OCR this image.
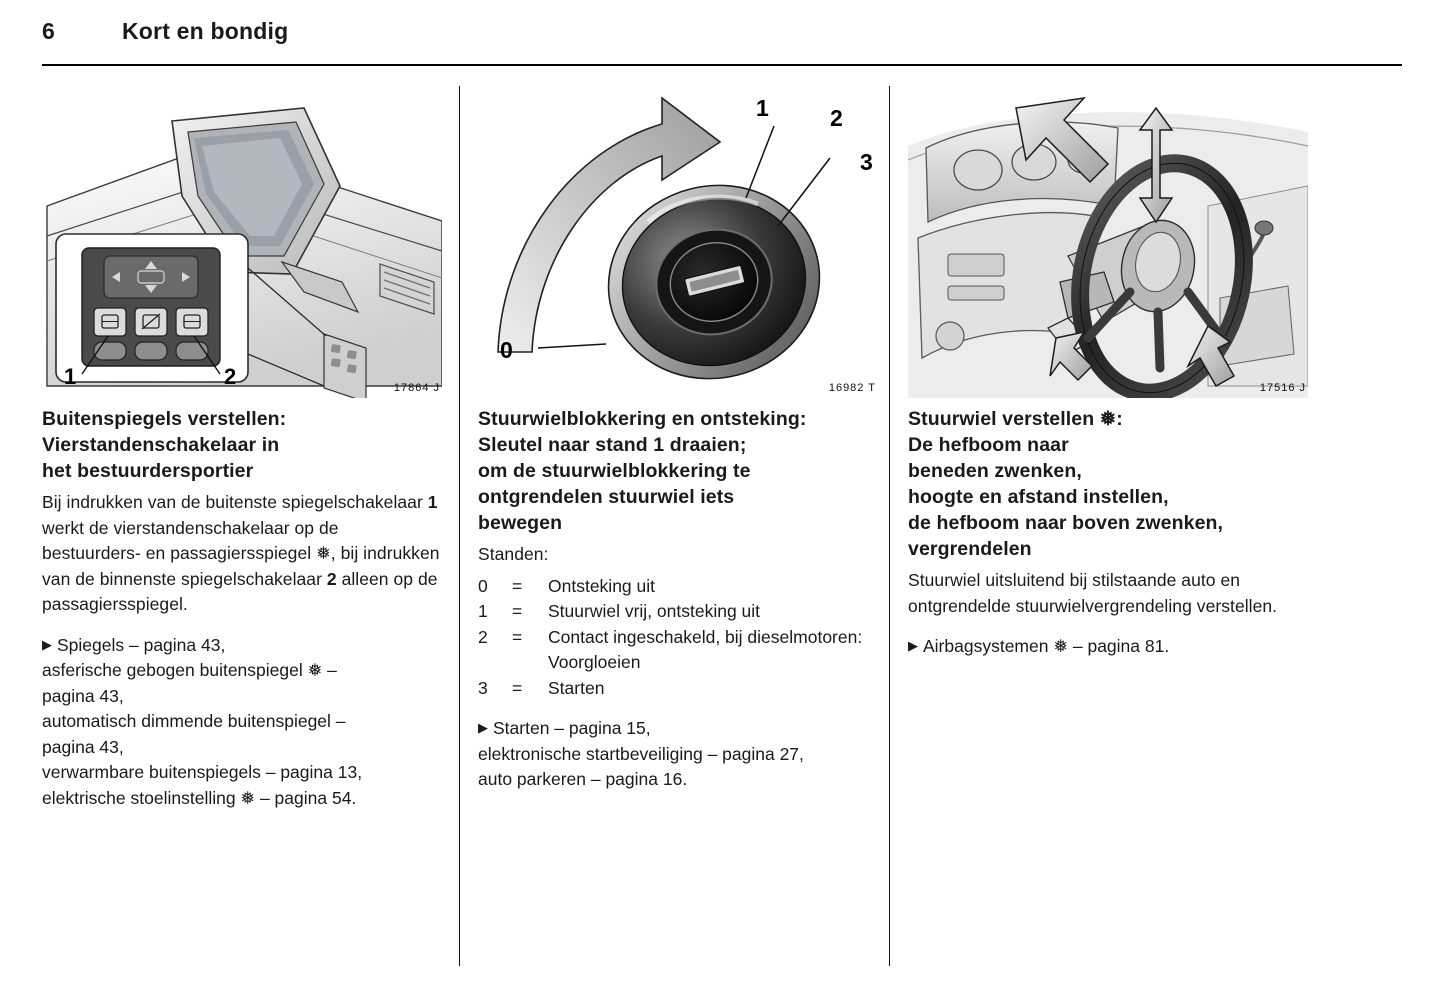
6	Kort en bondig
1	2	17864 J
Buitenspiegels verstellen:
Vierstandenschakelaar in
het bestuurdersportier

Bij indrukken van de buitenste spiegelschakelaar 1 werkt de vierstandenschakelaar op de bestuurders- en passagiersspiegel ❅, bij indrukken van de binnenste spiegelschakelaar 2 alleen op de passagiersspiegel.

▶ Spiegels – pagina 43,
asferische gebogen buitenspiegel ❅ –
pagina 43,
automatisch dimmende buitenspiegel –
pagina 43,
verwarmbare buitenspiegels – pagina 13,
elektrische stoelinstelling ❅ – pagina 54.
1	2
3
0
16982 T
Stuurwielblokkering en ontsteking:
Sleutel naar stand 1 draaien;
om de stuurwielblokkering te
ontgrendelen stuurwiel iets
bewegen

Standen:

0	=	Ontsteking uit
1	=	Stuurwiel vrij, ontsteking uit
2	=	Contact ingeschakeld, bij dieselmotoren: Voorgloeien
3	=	Starten
▶ Starten – pagina 15,
elektronische startbeveiliging – pagina 27,
auto parkeren – pagina 16.
17516 J
Stuurwiel verstellen ❅:
De hefboom naar
beneden zwenken,
hoogte en afstand instellen,
de hefboom naar boven zwenken,
vergrendelen

Stuurwiel uitsluitend bij stilstaande auto en ontgrendelde stuurwielvergrendeling verstellen.

▶ Airbagsystemen ❅ – pagina 81.
